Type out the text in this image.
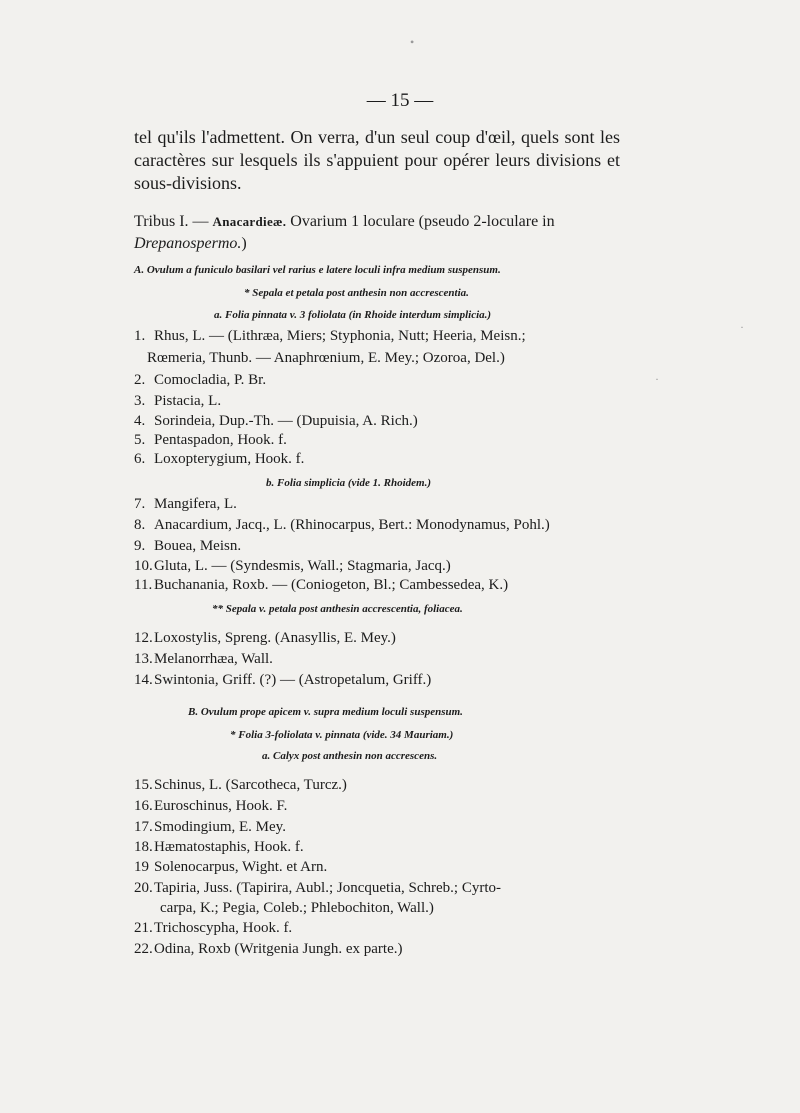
— 15 —
tel qu'ils l'admettent. On verra, d'un seul coup d'œil, quels sont les caractères sur lesquels ils s'appuient pour opérer leurs divisions et sous-divisions.
Tribus I. — Anacardieæ. Ovarium 1 loculare (pseudo 2-loculare in
Drepanospermo.)
A. Ovulum a funiculo basilari vel rarius e latere loculi infra medium suspensum.
* Sepala et petala post anthesin non accrescentia.
a. Folia pinnata v. 3 foliolata (in Rhoide interdum simplicia.)
1. Rhus, L. — (Lithræa, Miers; Styphonia, Nutt; Heeria, Meisn.;
Rœmeria, Thunb. — Anaphrœnium, E. Mey.; Ozoroa, Del.)
2. Comocladia, P. Br.
3. Pistacia, L.
4. Sorindeia, Dup.-Th. — (Dupuisia, A. Rich.)
5. Pentaspadon, Hook. f.
6. Loxopterygium, Hook. f.
b. Folia simplicia (vide 1. Rhoidem.)
7. Mangifera, L.
8. Anacardium, Jacq., L. (Rhinocarpus, Bert.: Monodynamus, Pohl.)
9. Bouea, Meisn.
10.Gluta, L. — (Syndesmis, Wall.; Stagmaria, Jacq.)
11. Buchanania, Roxb. — (Coniogeton, Bl.; Cambessedea, K.)
** Sepala v. petala post anthesin accrescentia, foliacea.
12.Loxostylis, Spreng. (Anasyllis, E. Mey.)
13.Melanorrhæa, Wall.
14.Swintonia, Griff. (?) — (Astropetalum, Griff.)
B. Ovulum prope apicem v. supra medium loculi suspensum.
* Folia 3-foliolata v. pinnata (vide. 34 Mauriam.)
a. Calyx post anthesin non accrescens.
15.Schinus, L. (Sarcotheca, Turcz.)
16.Euroschinus, Hook. F.
17.Smodingium, E. Mey.
18.Hæmatostaphis, Hook. f.
19 Solenocarpus, Wight. et Arn.
20.Tapiria, Juss. (Tapirira, Aubl.; Joncquetia, Schreb.; Cyrto-
carpa, K.; Pegia, Coleb.; Phlebochiton, Wall.)
21.Trichoscypha, Hook. f.
22.Odina, Roxb (Writgenia Jungh. ex parte.)
•
·
·
